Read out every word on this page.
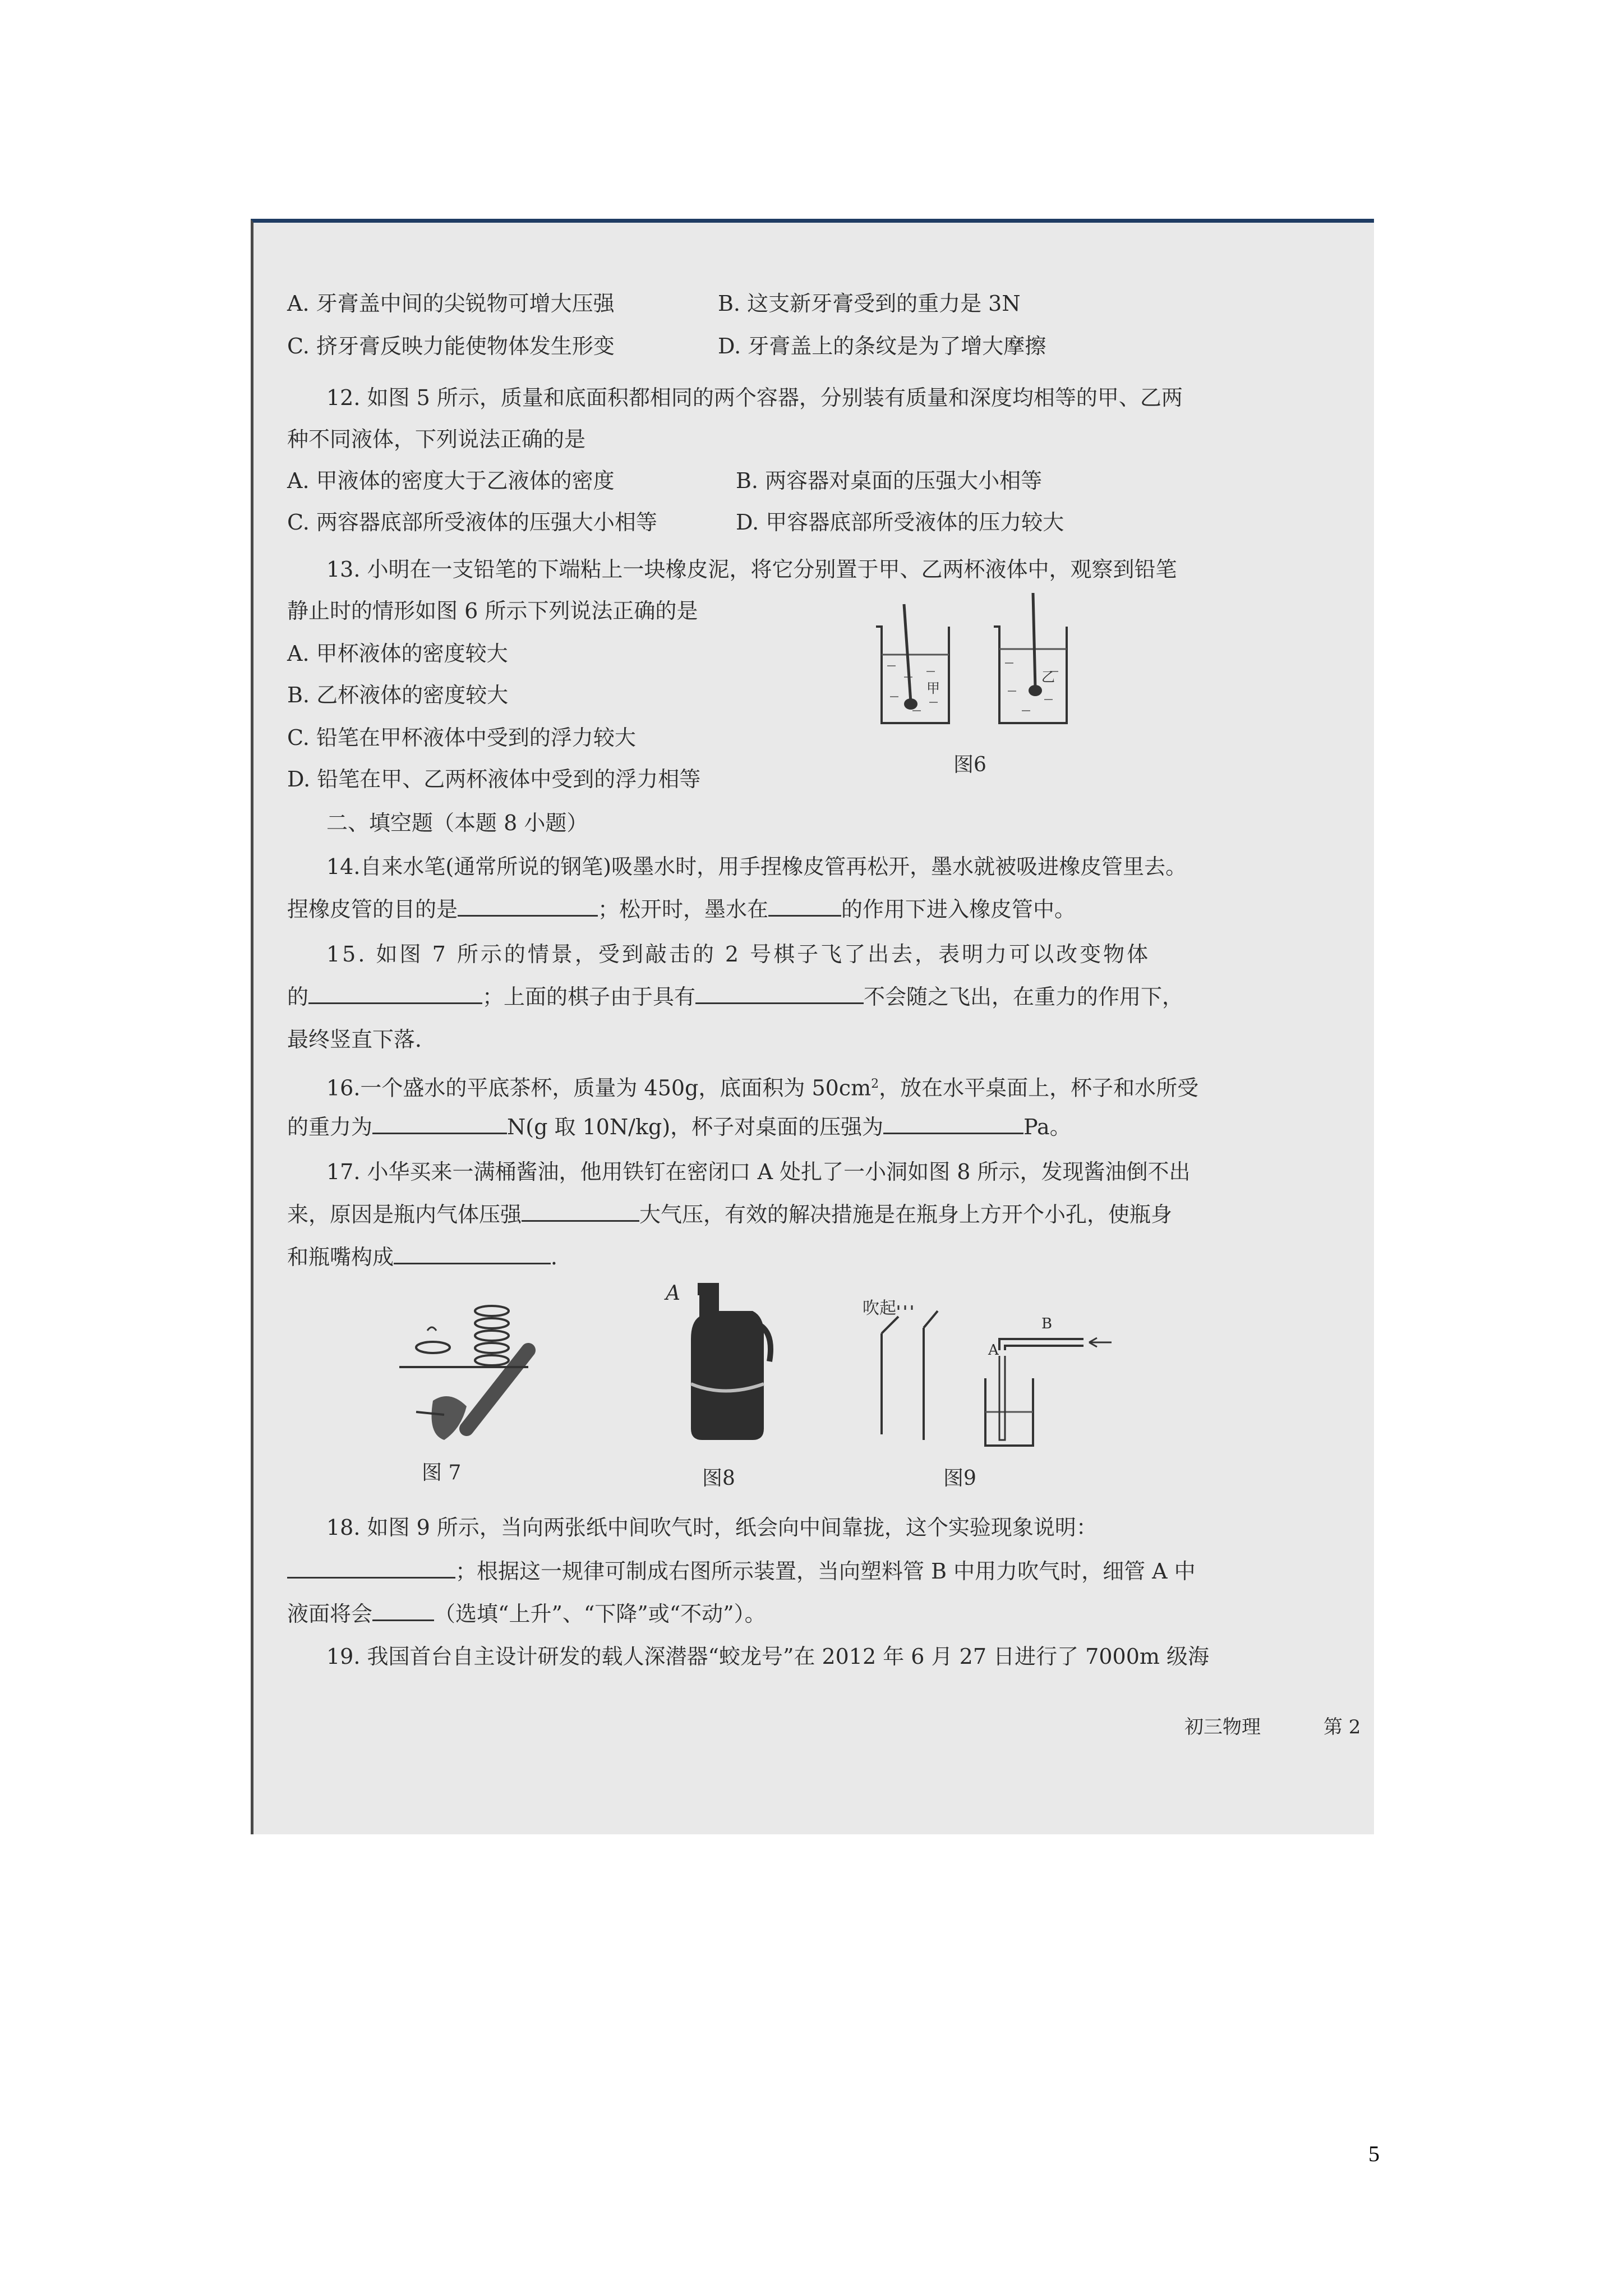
A. 牙膏盖中间的尖锐物可增大压强	B. 这支新牙膏受到的重力是 3N
C. 挤牙膏反映力能使物体发生形变	D. 牙膏盖上的条纹是为了增大摩擦
12. 如图 5 所示，质量和底面积都相同的两个容器，分别装有质量和深度均相等的甲、乙两
种不同液体，下列说法正确的是
A. 甲液体的密度大于乙液体的密度	B. 两容器对桌面的压强大小相等
C. 两容器底部所受液体的压强大小相等	D. 甲容器底部所受液体的压力较大
13. 小明在一支铅笔的下端粘上一块橡皮泥，将它分别置于甲、乙两杯液体中，观察到铅笔
静止时的情形如图 6 所示下列说法正确的是
A. 甲杯液体的密度较大
B. 乙杯液体的密度较大
C. 铅笔在甲杯液体中受到的浮力较大
D. 铅笔在甲、乙两杯液体中受到的浮力相等
甲
乙
图6
二、填空题（本题 8 小题）
14.自来水笔(通常所说的钢笔)吸墨水时，用手捏橡皮管再松开，墨水就被吸进橡皮管里去。
捏橡皮管的目的是	；松开时，墨水在	的作用下进入橡皮管中。
15. 如图 7 所示的情景，受到敲击的 2 号棋子飞了出去，表明力可以改变物体
的	；上面的棋子由于具有	不会随之飞出，在重力的作用下，
最终竖直下落．
16.一个盛水的平底茶杯，质量为 450g，底面积为 $50cm^2$，放在水平桌面上，杯子和水所受
的重力为	N(g 取 10N/kg)，杯子对桌面的压强为	Pa。
17. 小华买来一满桶酱油，他用铁钉在密闭口 A 处扎了一小洞如图 8 所示，发现酱油倒不出
来，原因是瓶内气体压强	大气压，有效的解决措施是在瓶身上方开个小孔，使瓶身
和瓶嘴构成	．
图 7
A
图8
吹起
A
B
图9
18. 如图 9 所示，当向两张纸中间吹气时，纸会向中间靠拢，这个实验现象说明：
；根据这一规律可制成右图所示装置，当向塑料管 B 中用力吹气时，细管 A 中
液面将会	（选填“上升”、“下降”或“不动”）。
19. 我国首台自主设计研发的载人深潜器“蛟龙号”在 2012 年 6 月 27 日进行了 7000m 级海
初三物理	第 2
5
